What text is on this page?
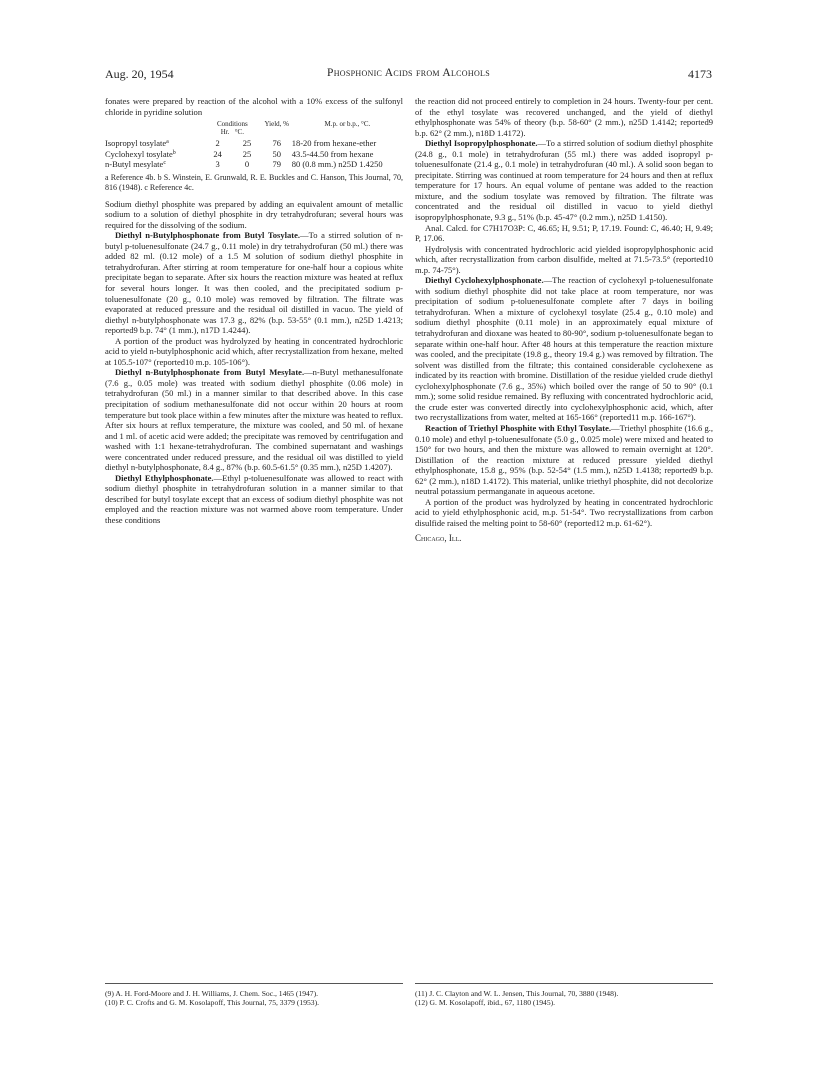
Aug. 20, 1954	Phosphonic Acids from Alcohols	4173

fonates were prepared by reaction of the alcohol with a 10% excess of the sulfonyl chloride in pyridine solution

	Conditions
Hr. °C.		Yield, %	M.p. or b.p., °C.
Isopropyl tosylate$^a$	2	25	76	18-20 from hexane-ether
Cyclohexyl tosylate$^b$	24	25	50	43.5-44.50 from hexane
n-Butyl mesylate$^c$	3	0	79	80 (0.8 mm.) n25D 1.4250
a Reference 4b. b S. Winstein, E. Grunwald, R. E. Buckles and C. Hanson, This Journal, 70, 816 (1948). c Reference 4c.

Sodium diethyl phosphite was prepared by adding an equivalent amount of metallic sodium to a solution of diethyl phosphite in dry tetrahydrofuran; several hours was required for the dissolving of the sodium.

Diethyl n-Butylphosphonate from Butyl Tosylate.—To a stirred solution of n-butyl p-toluenesulfonate (24.7 g., 0.11 mole) in dry tetrahydrofuran (50 ml.) there was added 82 ml. (0.12 mole) of a 1.5 M solution of sodium diethyl phosphite in tetrahydrofuran. After stirring at room temperature for one-half hour a copious white precipitate began to separate. After six hours the reaction mixture was heated at reflux for several hours longer. It was then cooled, and the precipitated sodium p-toluenesulfonate (20 g., 0.10 mole) was removed by filtration. The filtrate was evaporated at reduced pressure and the residual oil distilled in vacuo. The yield of diethyl n-butylphosphonate was 17.3 g., 82% (b.p. 53-55° (0.1 mm.), n25D 1.4213; reported9 b.p. 74° (1 mm.), n17D 1.4244).

A portion of the product was hydrolyzed by heating in concentrated hydrochloric acid to yield n-butylphosphonic acid which, after recrystallization from hexane, melted at 105.5-107° (reported10 m.p. 105-106°).

Diethyl n-Butylphosphonate from Butyl Mesylate.—n-Butyl methanesulfonate (7.6 g., 0.05 mole) was treated with sodium diethyl phosphite (0.06 mole) in tetrahydrofuran (50 ml.) in a manner similar to that described above. In this case precipitation of sodium methanesulfonate did not occur within 20 hours at room temperature but took place within a few minutes after the mixture was heated to reflux. After six hours at reflux temperature, the mixture was cooled, and 50 ml. of hexane and 1 ml. of acetic acid were added; the precipitate was removed by centrifugation and washed with 1:1 hexane-tetrahydrofuran. The combined supernatant and washings were concentrated under reduced pressure, and the residual oil was distilled to yield diethyl n-butylphosphonate, 8.4 g., 87% (b.p. 60.5-61.5° (0.35 mm.), n25D 1.4207).

Diethyl Ethylphosphonate.—Ethyl p-toluenesulfonate was allowed to react with sodium diethyl phosphite in tetrahydrofuran solution in a manner similar to that described for butyl tosylate except that an excess of sodium diethyl phosphite was not employed and the reaction mixture was not warmed above room temperature. Under these conditions

the reaction did not proceed entirely to completion in 24 hours. Twenty-four per cent. of the ethyl tosylate was recovered unchanged, and the yield of diethyl ethylphosphonate was 54% of theory (b.p. 58-60° (2 mm.), n25D 1.4142; reported9 b.p. 62° (2 mm.), n18D 1.4172).

Diethyl Isopropylphosphonate.—To a stirred solution of sodium diethyl phosphite (24.8 g., 0.1 mole) in tetrahydrofuran (55 ml.) there was added isopropyl p-toluenesulfonate (21.4 g., 0.1 mole) in tetrahydrofuran (40 ml.). A solid soon began to precipitate. Stirring was continued at room temperature for 24 hours and then at reflux temperature for 17 hours. An equal volume of pentane was added to the reaction mixture, and the sodium tosylate was removed by filtration. The filtrate was concentrated and the residual oil distilled in vacuo to yield diethyl isopropylphosphonate, 9.3 g., 51% (b.p. 45-47° (0.2 mm.), n25D 1.4150).

Anal. Calcd. for C7H17O3P: C, 46.65; H, 9.51; P, 17.19. Found: C, 46.40; H, 9.49; P, 17.06.

Hydrolysis with concentrated hydrochloric acid yielded isopropylphosphonic acid which, after recrystallization from carbon disulfide, melted at 71.5-73.5° (reported10 m.p. 74-75°).

Diethyl Cyclohexylphosphonate.—The reaction of cyclohexyl p-toluenesulfonate with sodium diethyl phosphite did not take place at room temperature, nor was precipitation of sodium p-toluenesulfonate complete after 7 days in boiling tetrahydrofuran. When a mixture of cyclohexyl tosylate (25.4 g., 0.10 mole) and sodium diethyl phosphite (0.11 mole) in an approximately equal mixture of tetrahydrofuran and dioxane was heated to 80-90°, sodium p-toluenesulfonate began to separate within one-half hour. After 48 hours at this temperature the reaction mixture was cooled, and the precipitate (19.8 g., theory 19.4 g.) was removed by filtration. The solvent was distilled from the filtrate; this contained considerable cyclohexene as indicated by its reaction with bromine. Distillation of the residue yielded crude diethyl cyclohexylphosphonate (7.6 g., 35%) which boiled over the range of 50 to 90° (0.1 mm.); some solid residue remained. By refluxing with concentrated hydrochloric acid, the crude ester was converted directly into cyclohexylphosphonic acid, which, after two recrystallizations from water, melted at 165-166° (reported11 m.p. 166-167°).

Reaction of Triethyl Phosphite with Ethyl Tosylate.—Triethyl phosphite (16.6 g., 0.10 mole) and ethyl p-toluenesulfonate (5.0 g., 0.025 mole) were mixed and heated to 150° for two hours, and then the mixture was allowed to remain overnight at 120°. Distillation of the reaction mixture at reduced pressure yielded diethyl ethylphosphonate, 15.8 g., 95% (b.p. 52-54° (1.5 mm.), n25D 1.4138; reported9 b.p. 62° (2 mm.), n18D 1.4172). This material, unlike triethyl phosphite, did not decolorize neutral potassium permanganate in aqueous acetone.

A portion of the product was hydrolyzed by heating in concentrated hydrochloric acid to yield ethylphosphonic acid, m.p. 51-54°. Two recrystallizations from carbon disulfide raised the melting point to 58-60° (reported12 m.p. 61-62°).

Chicago, Ill.
(9) A. H. Ford-Moore and J. H. Williams, J. Chem. Soc., 1465 (1947).
(10) P. C. Crofts and G. M. Kosolapoff, This Journal, 75, 3379 (1953).
(11) J. C. Clayton and W. L. Jensen, This Journal, 70, 3880 (1948).
(12) G. M. Kosolapoff, ibid., 67, 1180 (1945).
